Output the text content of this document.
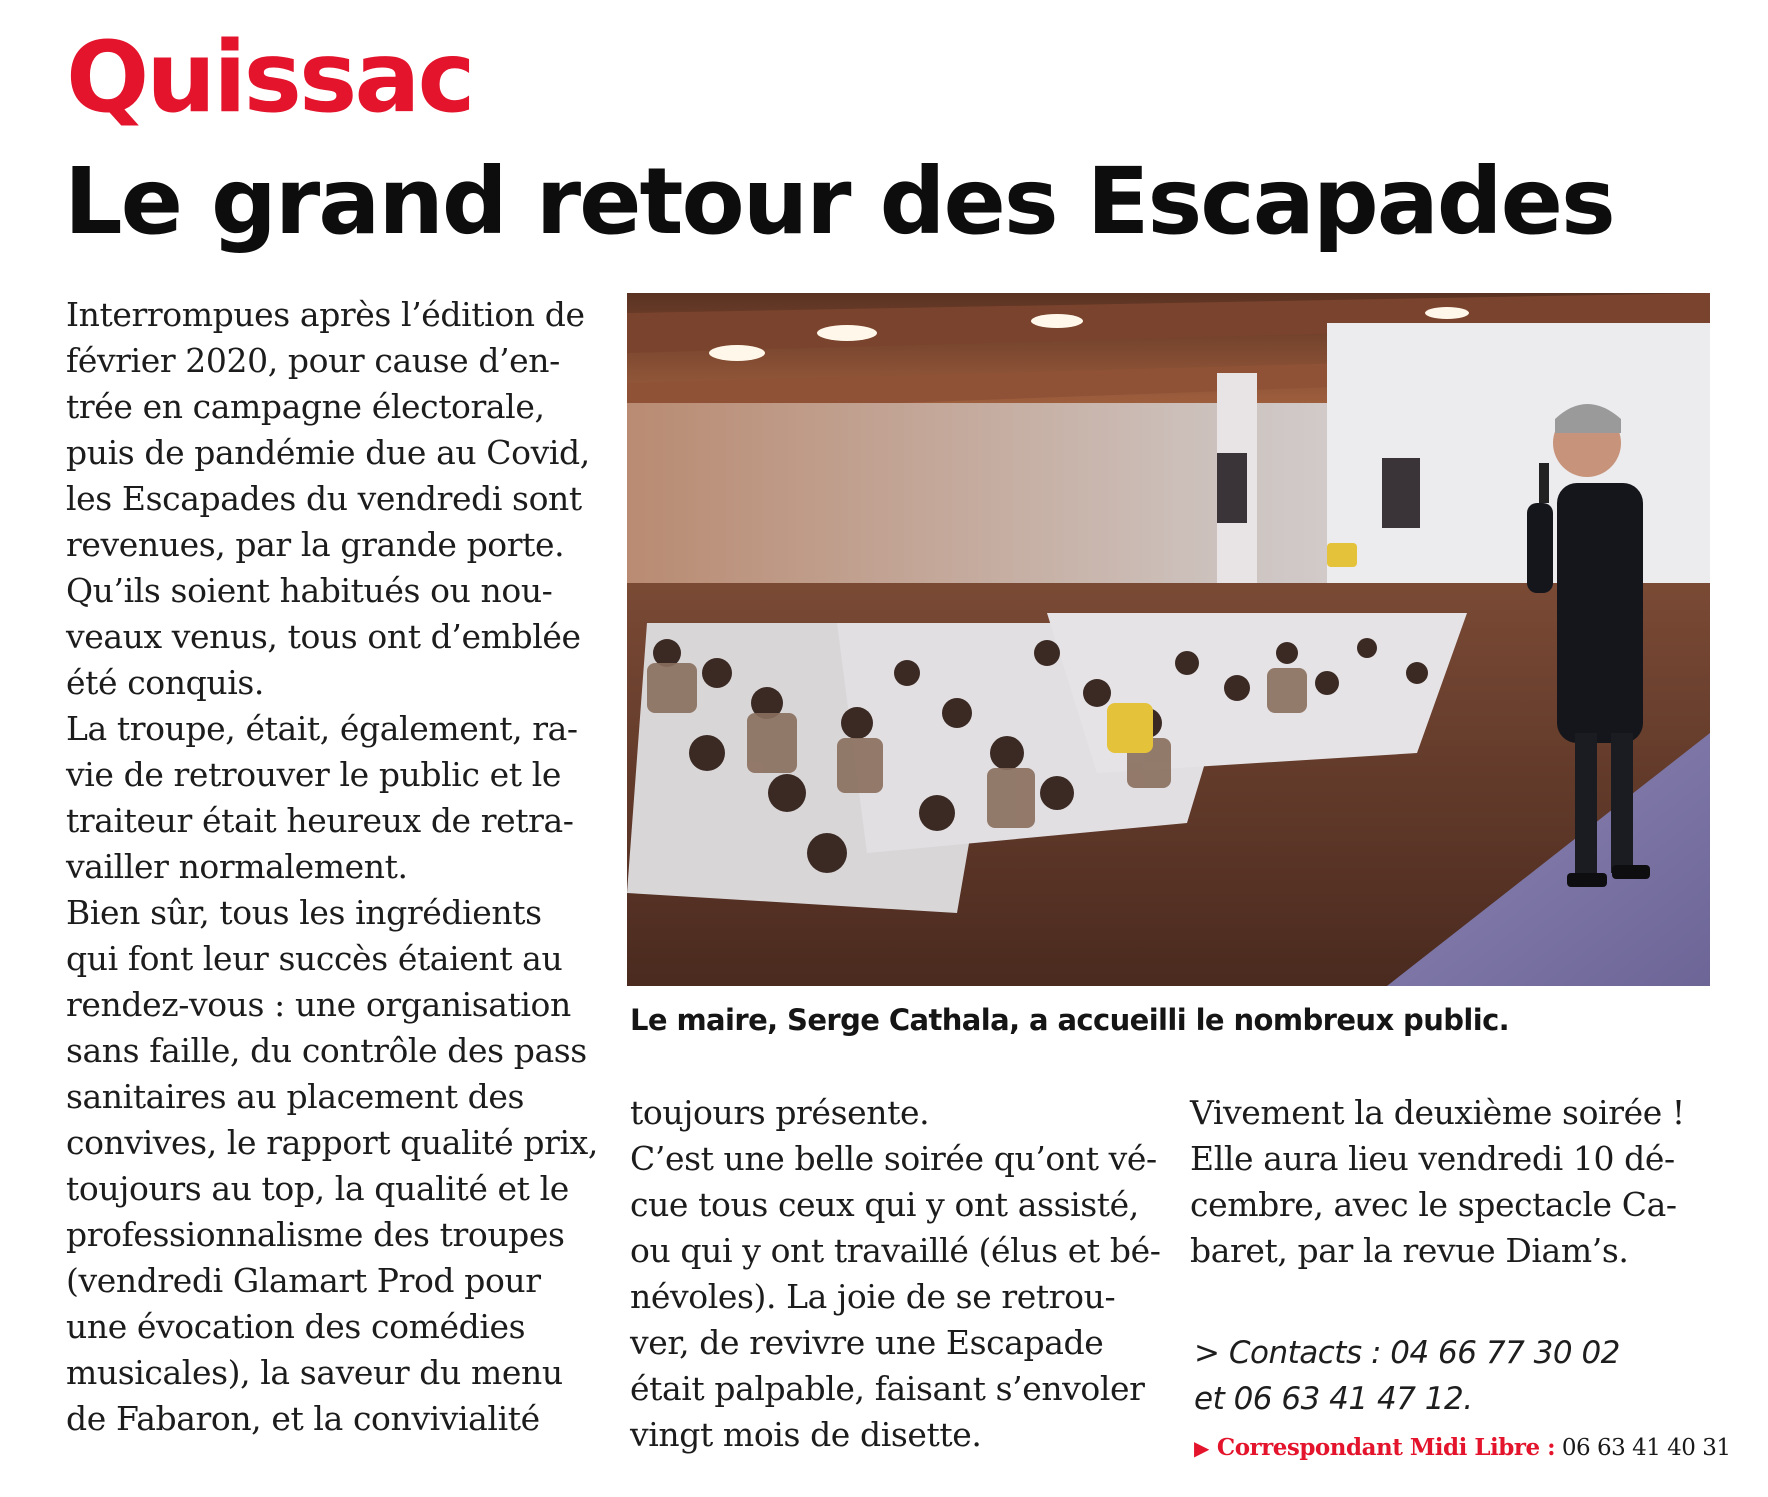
Quissac
Le grand retour des Escapades

Interrompues après l’édition de

février 2020, pour cause d’en-

trée en campagne électorale,

puis de pandémie due au Covid,

les Escapades du vendredi sont

revenues, par la grande porte.

Qu’ils soient habitués ou nou-

veaux venus, tous ont d’emblée

été conquis.

La troupe, était, également, ra-

vie de retrouver le public et le

traiteur était heureux de retra-

vailler normalement.

Bien sûr, tous les ingrédients

qui font leur succès étaient au

rendez-vous : une organisation

sans faille, du contrôle des pass

sanitaires au placement des

convives, le rapport qualité prix,

toujours au top, la qualité et le

professionnalisme des troupes

(vendredi Glamart Prod pour

une évocation des comédies

musicales), la saveur du menu

de Fabaron, et la convivialité

Le maire, Serge Cathala, a accueilli le nombreux public.

toujours présente.

C’est une belle soirée qu’ont vé-

cue tous ceux qui y ont assisté,

ou qui y ont travaillé (élus et bé-

névoles). La joie de se retrou-

ver, de revivre une Escapade

était palpable, faisant s’envoler

vingt mois de disette.

Vivement la deuxième soirée !

Elle aura lieu vendredi 10 dé-

cembre, avec le spectacle Ca-

baret, par la revue Diam’s.

> Contacts : 04 66 77 30 02

et 06 63 41 47 12.

▶ Correspondant Midi Libre : 06 63 41 40 31
